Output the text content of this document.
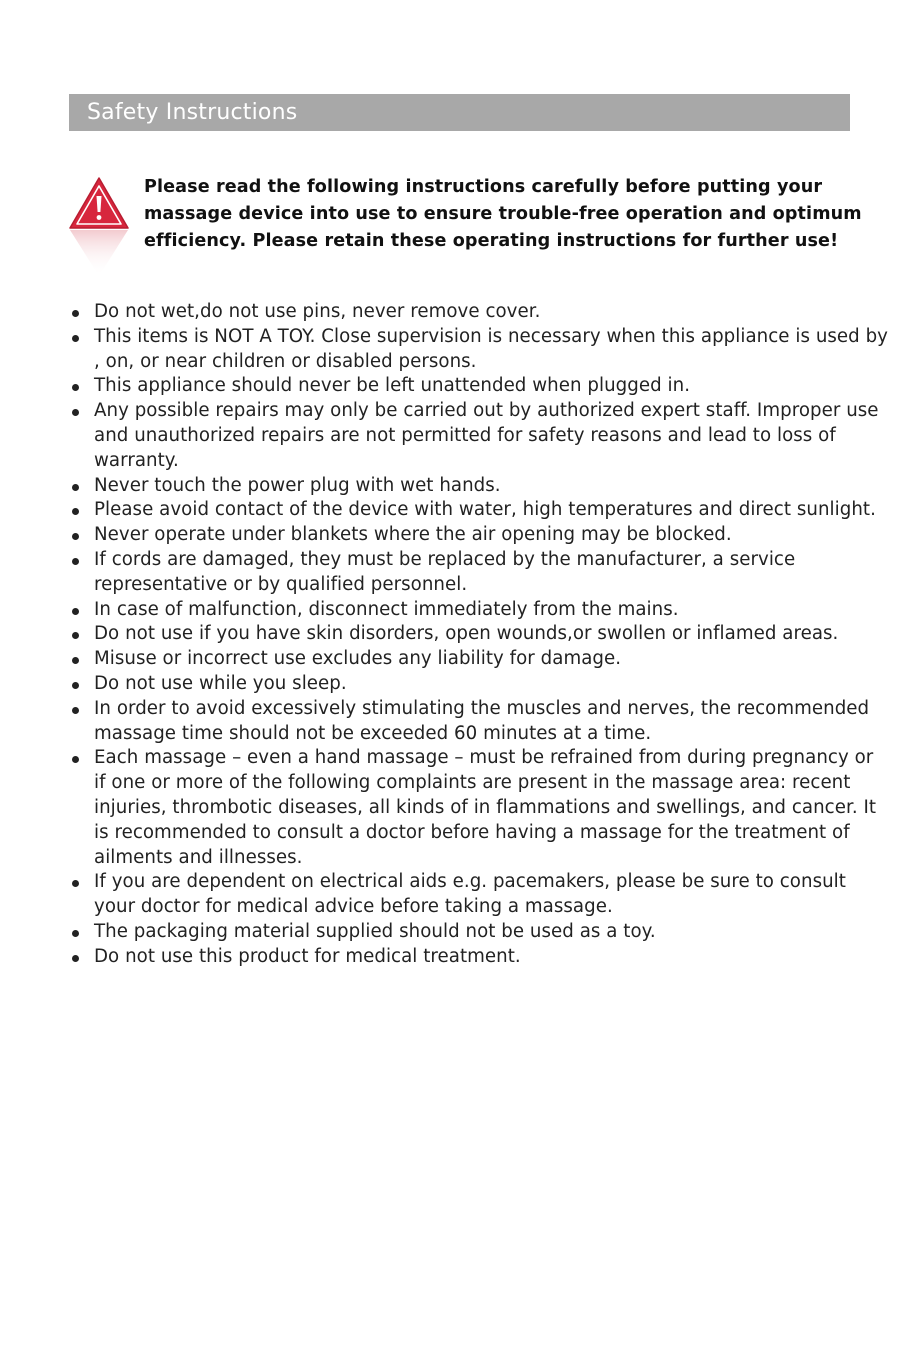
Safety Instructions
Please read the following instructions carefully before putting your massage device into use to ensure trouble-free operation and optimum efficiency. Please retain these operating instructions for further use!
Do not wet,do not use pins, never remove cover.
This items is NOT A TOY. Close supervision is necessary when this appliance is used by , on, or near children or disabled persons.
This appliance should never be left unattended when plugged in.
Any possible repairs may only be carried out by authorized expert staff. Improper use and unauthorized repairs are not permitted for safety reasons and lead to loss of warranty.
Never touch the power plug with wet hands.
Please avoid contact of the device with water, high temperatures and direct sunlight.
Never operate under blankets where the air opening may be blocked.
If cords are damaged, they must be replaced by the manufacturer, a service representative or by qualified personnel.
In case of malfunction, disconnect immediately from the mains.
Do not use if you have skin disorders, open wounds,or swollen or inflamed areas.
Misuse or incorrect use excludes any liability for damage.
Do not use while you sleep.
In order to avoid excessively stimulating the muscles and nerves, the recommended massage time should not be exceeded 60 minutes at a time.
Each massage – even a hand massage – must be refrained from during pregnancy or if one or more of the following complaints are present in the massage area: recent injuries, thrombotic diseases, all kinds of in flammations and swellings, and cancer. It is recommended to consult a doctor before having a massage for the treatment of ailments and illnesses.
If you are dependent on electrical aids e.g. pacemakers, please be sure to consult your doctor for medical advice before taking a massage.
The packaging material supplied should not be used as a toy.
Do not use this product for medical treatment.
